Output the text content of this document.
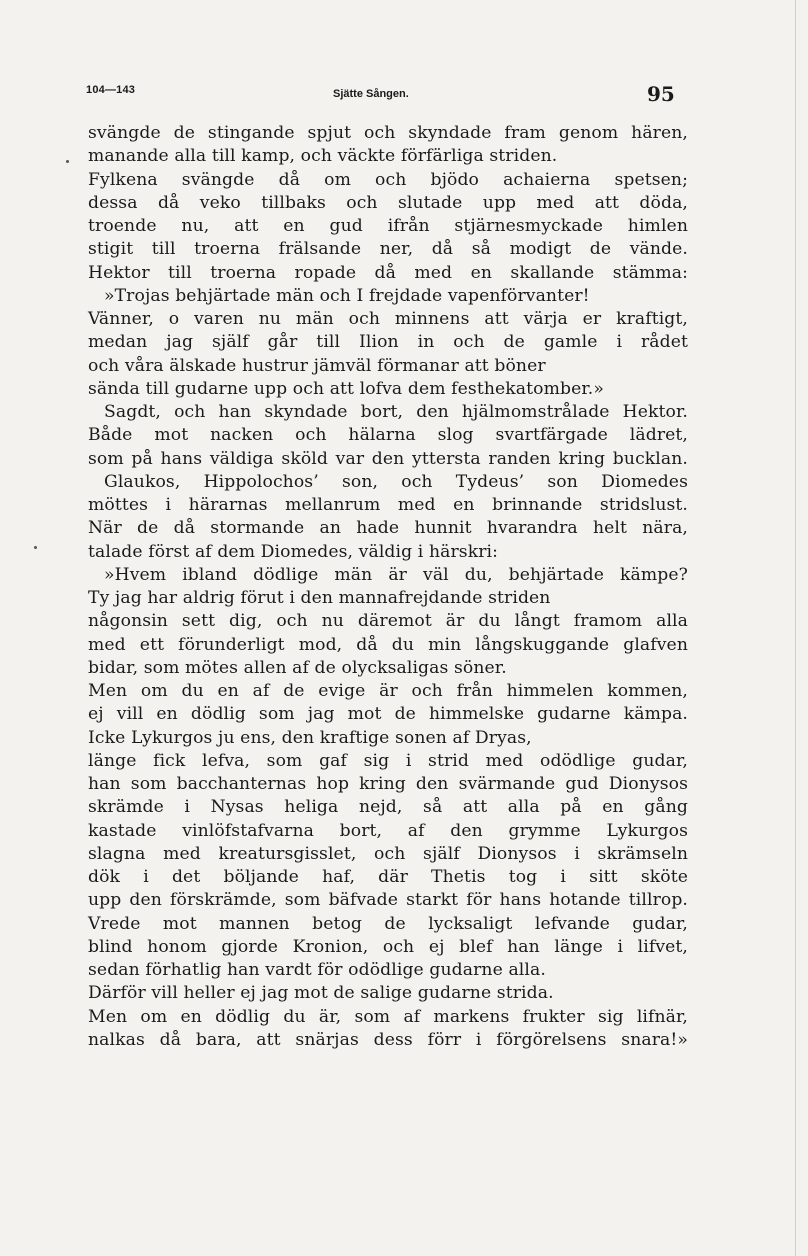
104—143	Sjätte Sången.	95
svängde de stingande spjut och skyndade fram genom hären,
manande alla till kamp, och väckte förfärliga striden.
Fylkena svängde då om och bjödo achaierna spetsen;
dessa då veko tillbaks och slutade upp med att döda,
troende nu, att en gud ifrån stjärnesmyckade himlen
stigit till troerna frälsande ner, då så modigt de vände.
Hektor till troerna ropade då med en skallande stämma:
»Trojas behjärtade män och I frejdade vapenförvanter!
Vänner, o varen nu män och minnens att värja er kraftigt,
medan jag själf går till Ilion in och de gamle i rådet
och våra älskade hustrur jämväl förmanar att böner
sända till gudarne upp och att lofva dem festhekatomber.»
Sagdt, och han skyndade bort, den hjälmomstrålade Hektor.
Både mot nacken och hälarna slog svartfärgade lädret,
som på hans väldiga sköld var den yttersta randen kring bucklan.
Glaukos, Hippolochos’ son, och Tydeus’ son Diomedes
möttes i härarnas mellanrum med en brinnande stridslust.
När de då stormande an hade hunnit hvarandra helt nära,
talade först af dem Diomedes, väldig i härskri:
»Hvem ibland dödlige män är väl du, behjärtade kämpe?
Ty jag har aldrig förut i den mannafrejdande striden
någonsin sett dig, och nu däremot är du långt framom alla
med ett förunderligt mod, då du min långskuggande glafven
bidar, som mötes allen af de olycksaligas söner.
Men om du en af de evige är och från himmelen kommen,
ej vill en dödlig som jag mot de himmelske gudarne kämpa.
Icke Lykurgos ju ens, den kraftige sonen af Dryas,
länge fick lefva, som gaf sig i strid med odödlige gudar,
han som bacchanternas hop kring den svärmande gud Dionysos
skrämde i Nysas heliga nejd, så att alla på en gång
kastade vinlöfstafvarna bort, af den grymme Lykurgos
slagna med kreatursgisslet, och själf Dionysos i skrämseln
dök i det böljande haf, där Thetis tog i sitt sköte
upp den förskrämde, som bäfvade starkt för hans hotande tillrop.
Vrede mot mannen betog de lycksaligt lefvande gudar,
blind honom gjorde Kronion, och ej blef han länge i lifvet,
sedan förhatlig han vardt för odödlige gudarne alla.
Därför vill heller ej jag mot de salige gudarne strida.
Men om en dödlig du är, som af markens frukter sig lifnär,
nalkas då bara, att snärjas dess förr i förgörelsens snara!»
